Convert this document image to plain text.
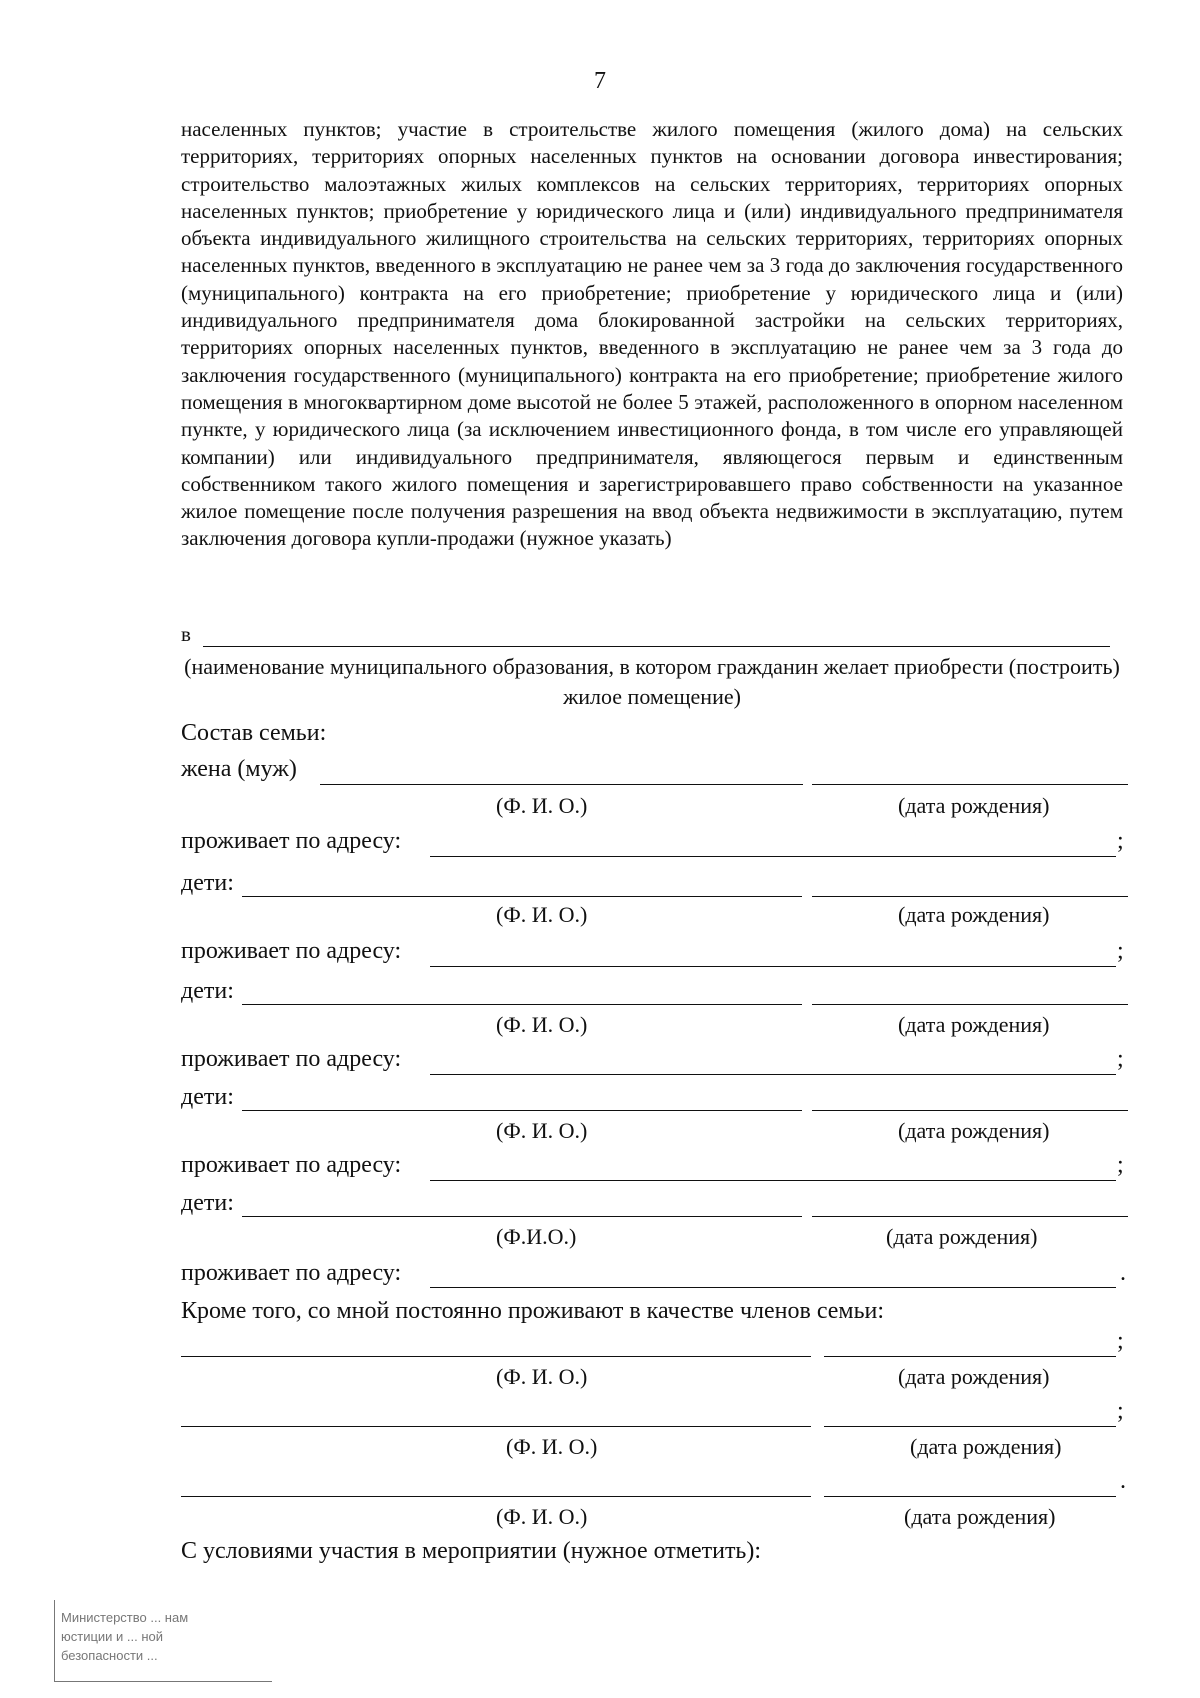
7

населенных пунктов; участие в строительстве жилого помещения (жилого дома) на сельских территориях, территориях опорных населенных пунктов на основании договора инвестирования; строительство малоэтажных жилых комплексов на сельских территориях, территориях опорных населенных пунктов; приобретение у юридического лица и (или) индивидуального предпринимателя объекта индивидуального жилищного строительства на сельских территориях, территориях опорных населенных пунктов, введенного в эксплуатацию не ранее чем за 3 года до заключения государственного (муниципального) контракта на его приобретение; приобретение у юридического лица и (или) индивидуального предпринимателя дома блокированной застройки на сельских территориях, территориях опорных населенных пунктов, введенного в эксплуатацию не ранее чем за 3 года до заключения государственного (муниципального) контракта на его приобретение; приобретение жилого помещения в многоквартирном доме высотой не более 5 этажей, расположенного в опорном населенном пункте, у юридического лица (за исключением инвестиционного фонда, в том числе его управляющей компании) или индивидуального предпринимателя, являющегося первым и единственным собственником такого жилого помещения и зарегистрировавшего право собственности на указанное жилое помещение после получения разрешения на ввод объекта недвижимости в эксплуатацию, путем заключения договора купли-продажи (нужное указать)

в
(наименование муниципального образования, в котором гражданин желает приобрести (построить) жилое помещение)
Состав семьи:
жена (муж)
(Ф. И. О.)	(дата рождения)
проживает по адресу:	;
дети:
(Ф. И. О.)	(дата рождения)
проживает по адресу:	;
дети:
(Ф. И. О.)	(дата рождения)
проживает по адресу:	;
дети:
(Ф. И. О.)	(дата рождения)
проживает по адресу:	;
дети:
(Ф.И.О.)	(дата рождения)
проживает по адресу:	.
Кроме того, со мной постоянно проживают в качестве членов семьи:
;
(Ф. И. О.)	(дата рождения)
;
(Ф. И. О.)	(дата рождения)
.
(Ф. И. О.)	(дата рождения)
С условиями участия в мероприятии (нужное отметить):
Министерство ... нам
юстиции и ... ной
безопасности ...
